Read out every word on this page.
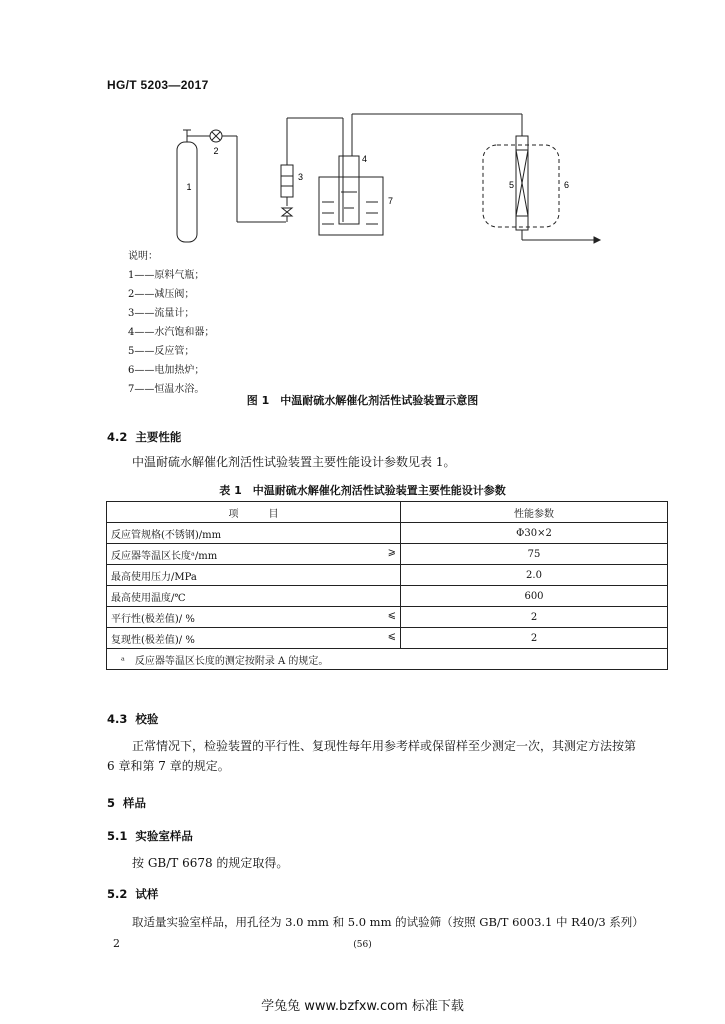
HG/T 5203—2017
1
2
3
4
5	6
7
说明：
1——原料气瓶；
2——减压阀；
3——流量计；
4——水汽饱和器；
5——反应管；
6——电加热炉；
7——恒温水浴。
图 1　中温耐硫水解催化剂活性试验装置示意图
4.2 主要性能
中温耐硫水解催化剂活性试验装置主要性能设计参数见表 1。
表 1　中温耐硫水解催化剂活性试验装置主要性能设计参数
项　　　目	性能参数
反应管规格(不锈钢)/mm	Φ30×2
反应器等温区长度ᵃ/mm ⩾	75
最高使用压力/MPa	2.0
最高使用温度/℃	600
平行性(极差值)/ % ⩽	2
复现性(极差值)/ % ⩽	2
ᵃ　反应器等温区长度的测定按附录 A 的规定。	
4.3 校验
正常情况下，检验装置的平行性、复现性每年用参考样或保留样至少测定一次，其测定方法按第
6 章和第 7 章的规定。
5 样品
5.1 实验室样品
按 GB/T 6678 的规定取得。
5.2 试样
取适量实验室样品，用孔径为 3.0 mm 和 5.0 mm 的试验筛（按照 GB/T 6003.1 中 R40/3 系列）
2	(56)
学兔兔 www.bzfxw.com 标准下载
